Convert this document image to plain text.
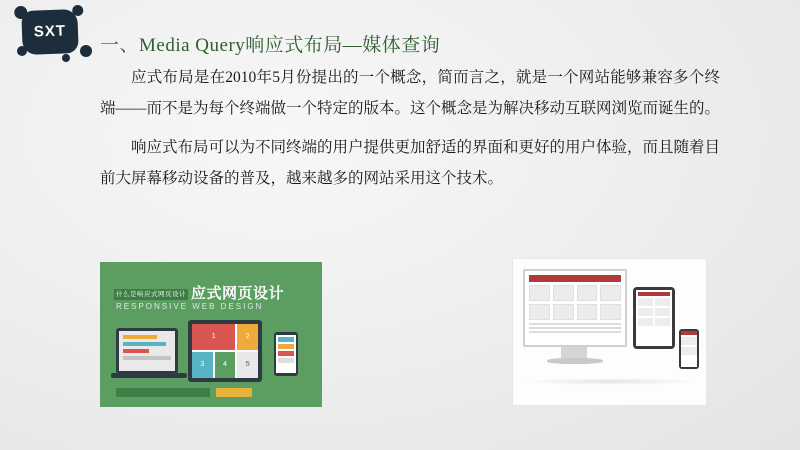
SXT
一、Media Query响应式布局—媒体查询

应式布局是在2010年5月份提出的一个概念，简而言之，就是一个网站能够兼容多个终端——而不是为每个终端做一个特定的版本。这个概念是为解决移动互联网浏览而诞生的。

响应式布局可以为不同终端的用户提供更加舒适的界面和更好的用户体验，而且随着目前大屏幕移动设备的普及，越来越多的网站采用这个技术。

什么是响应式网页设计 应式网页设计
RESPONSIVE WEB DESIGN
1	2
3	4	5
